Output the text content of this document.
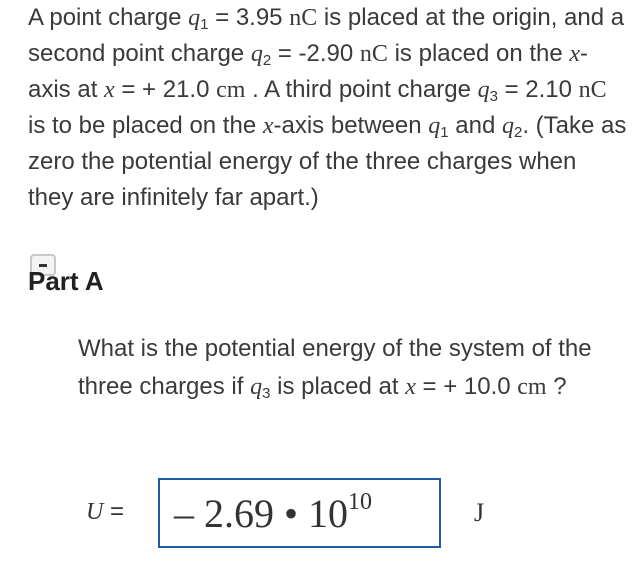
A point charge $q_1 = 3.95$ nC is placed at the origin, and a second point charge $q_2 = -2.90$ nC is placed on the x-axis at x = + 21.0 cm . A third point charge $q_3 = 2.10$ nC is to be placed on the x-axis between $q_1$ and $q_2$. (Take as zero the potential energy of the three charges when they are infinitely far apart.)
Part A
What is the potential energy of the system of the three charges if $q_3$ is placed at x = + 10.0 cm ?
U = – 2.69 • $10^{10}$	J
